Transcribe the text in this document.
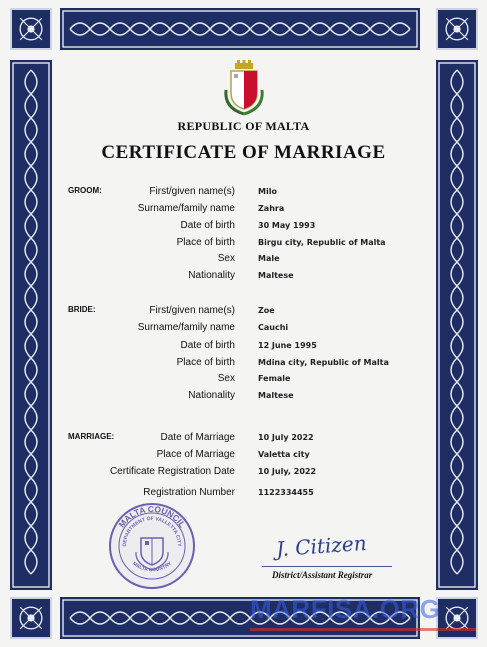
REPUBLIC OF MALTA
CERTIFICATE OF MARRIAGE
GROOM:	First/given name(s)	Milo
Surname/family name	Zahra
Date of birth	30 May 1993
Place of birth	Birgu city, Republic of Malta
Sex	Male
Nationality	Maltese
BRIDE:	First/given name(s)	Zoe
Surname/family name	Cauchi
Date of birth	12 June 1995
Place of birth	Mdina city, Republic of Malta
Sex	Female
Nationality	Maltese
MARRIAGE:	Date of Marriage	10 July 2022
Place of Marriage	Valetta city
Certificate Registration Date	10 July, 2022
Registration Number	1122334455
MALTA COUNCIL
DEPARTMENT OF VALLETTA CITY
MALTA COUNTRY
J. Citizen
District/Assistant Registrar
MARFISA.ORG
